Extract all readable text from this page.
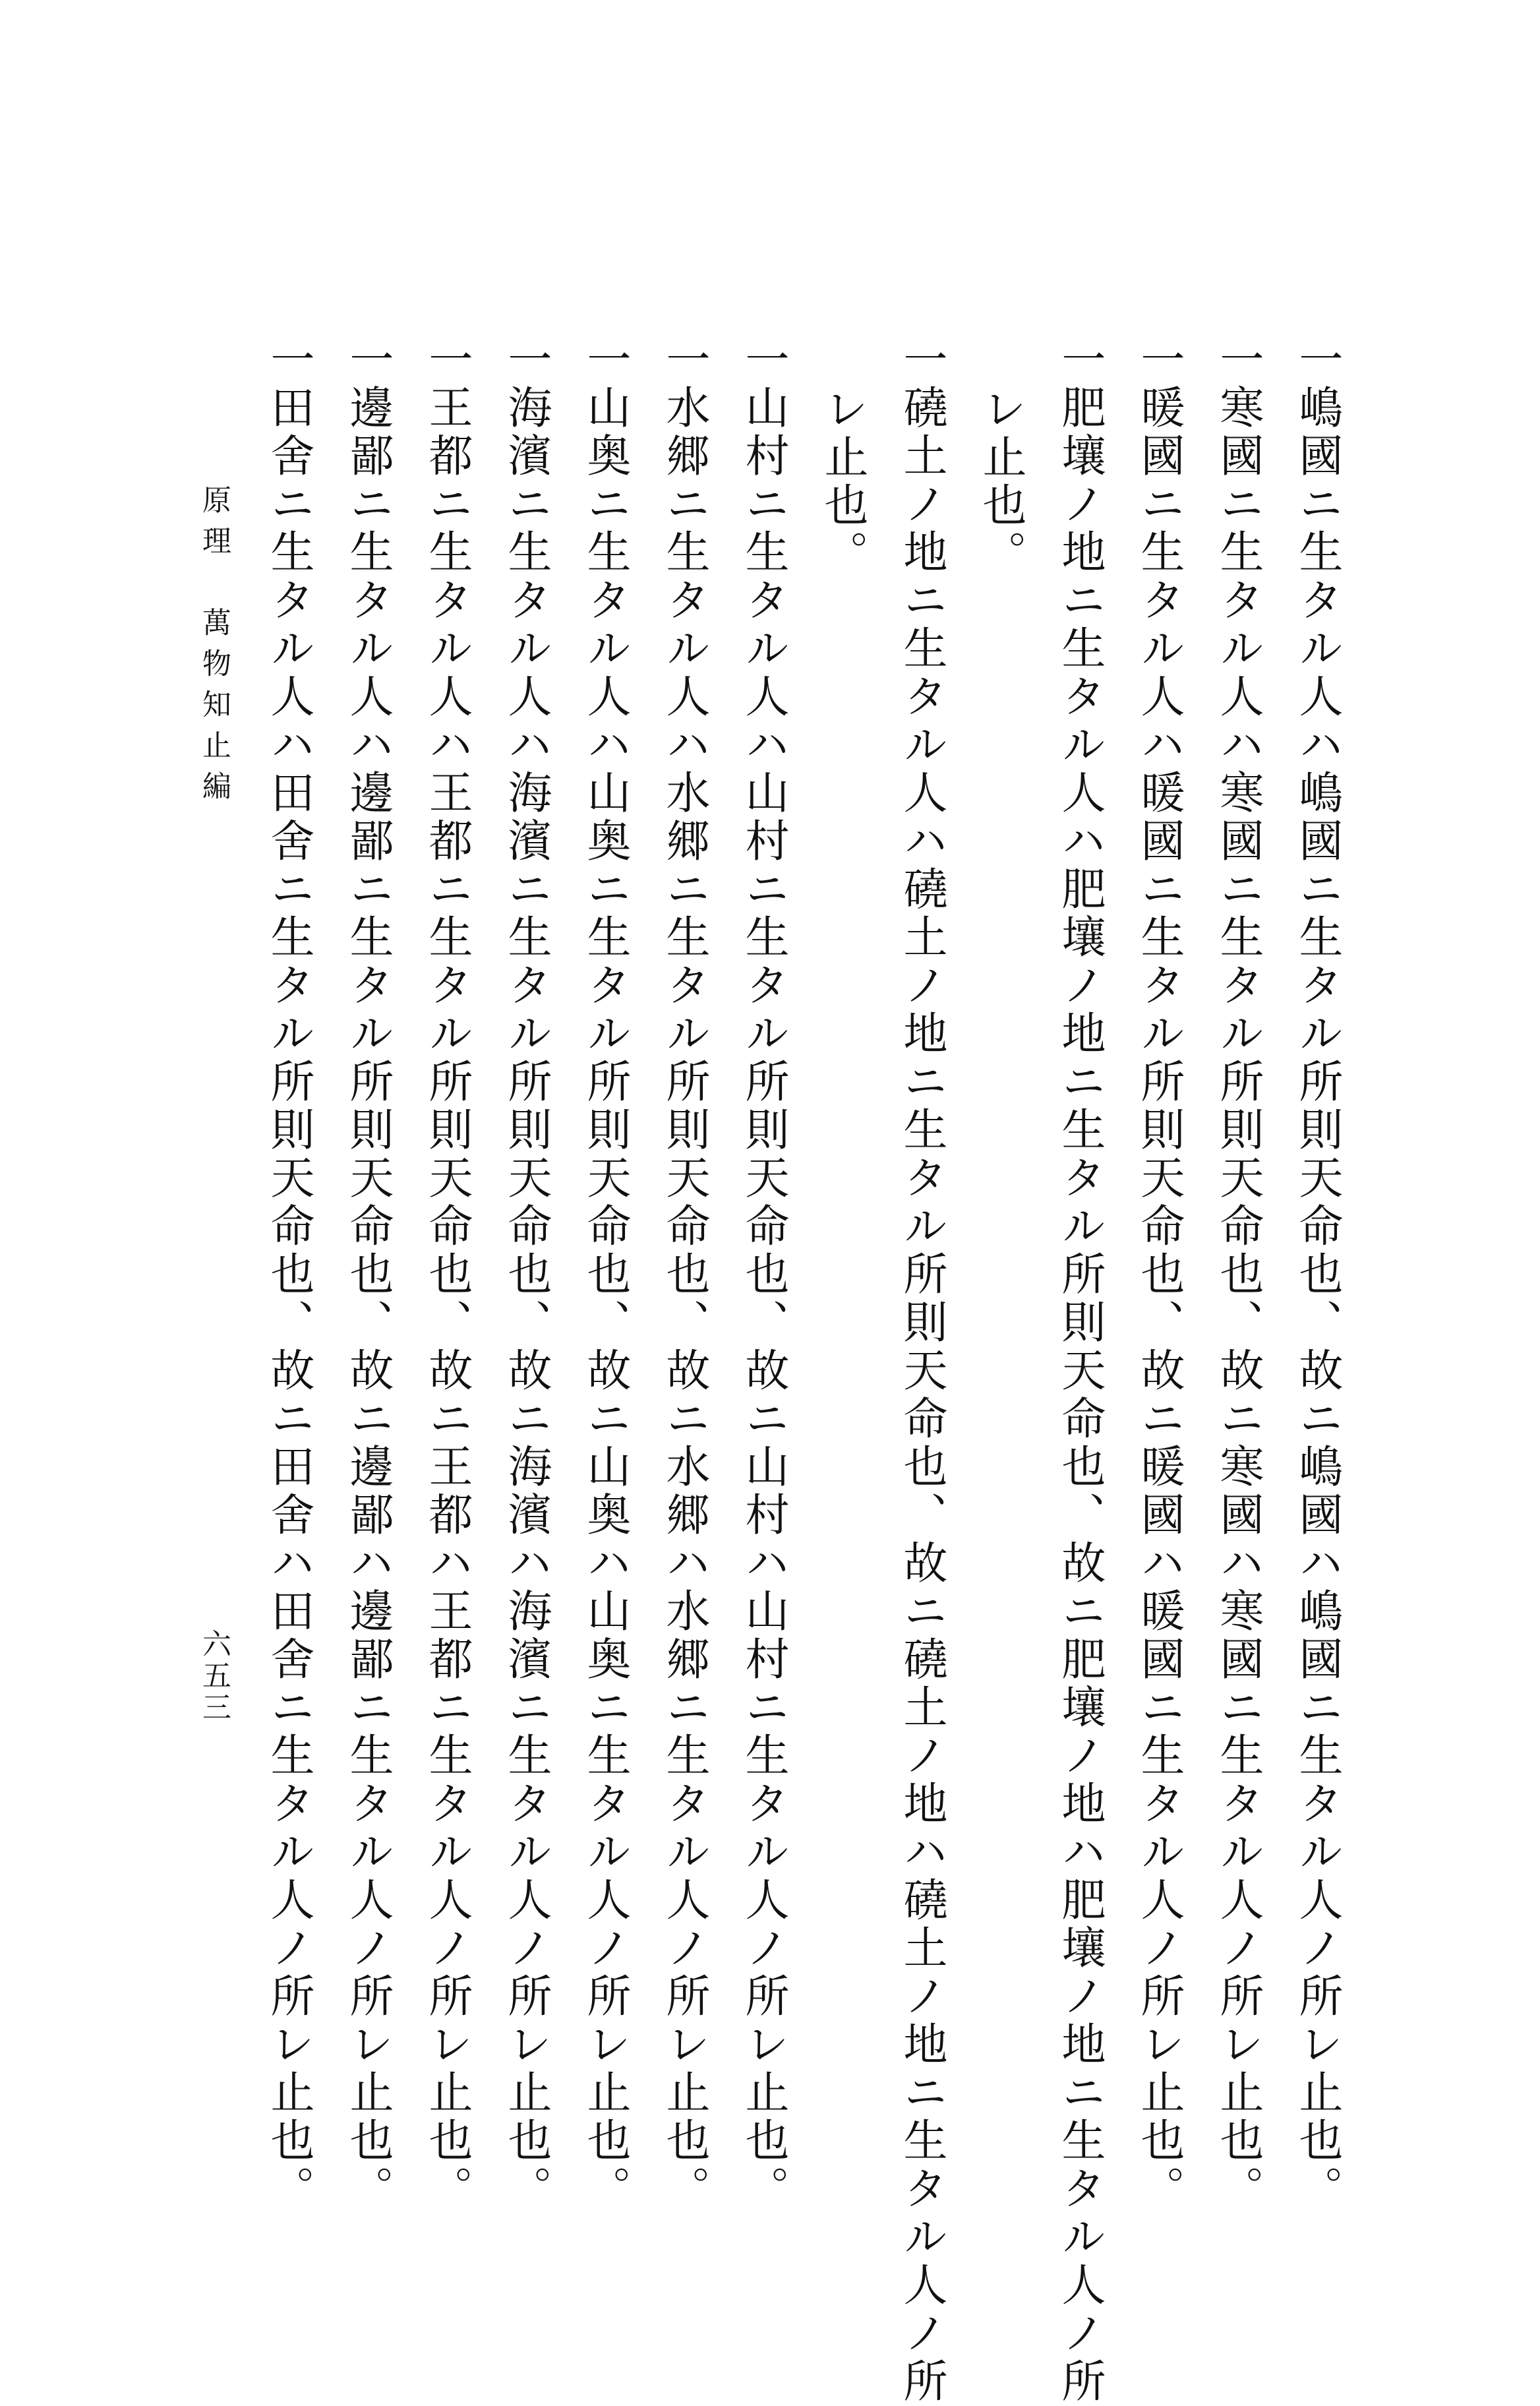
一嶋國ニ生タル人ハ嶋國ニ生タル所則天命也、故ニ嶋國ハ嶋國ニ生タル人ノ所レ止也。
一寒國ニ生タル人ハ寒國ニ生タル所則天命也、故ニ寒國ハ寒國ニ生タル人ノ所レ止也。
一暖國ニ生タル人ハ暖國ニ生タル所則天命也、故ニ暖國ハ暖國ニ生タル人ノ所レ止也。
一肥壤ノ地ニ生タル人ハ肥壤ノ地ニ生タル所則天命也、故ニ肥壤ノ地ハ肥壤ノ地ニ生タル人ノ所
レ止也。
一磽土ノ地ニ生タル人ハ磽土ノ地ニ生タル所則天命也、故ニ磽土ノ地ハ磽土ノ地ニ生タル人ノ所
レ止也。
一山村ニ生タル人ハ山村ニ生タル所則天命也、故ニ山村ハ山村ニ生タル人ノ所レ止也。
一水郷ニ生タル人ハ水郷ニ生タル所則天命也、故ニ水郷ハ水郷ニ生タル人ノ所レ止也。
一山奥ニ生タル人ハ山奥ニ生タル所則天命也、故ニ山奥ハ山奥ニ生タル人ノ所レ止也。
一海濱ニ生タル人ハ海濱ニ生タル所則天命也、故ニ海濱ハ海濱ニ生タル人ノ所レ止也。
一王都ニ生タル人ハ王都ニ生タル所則天命也、故ニ王都ハ王都ニ生タル人ノ所レ止也。
一邊鄙ニ生タル人ハ邊鄙ニ生タル所則天命也、故ニ邊鄙ハ邊鄙ニ生タル人ノ所レ止也。
一田舍ニ生タル人ハ田舍ニ生タル所則天命也、故ニ田舍ハ田舍ニ生タル人ノ所レ止也。
原理　萬物知止編
六五三
